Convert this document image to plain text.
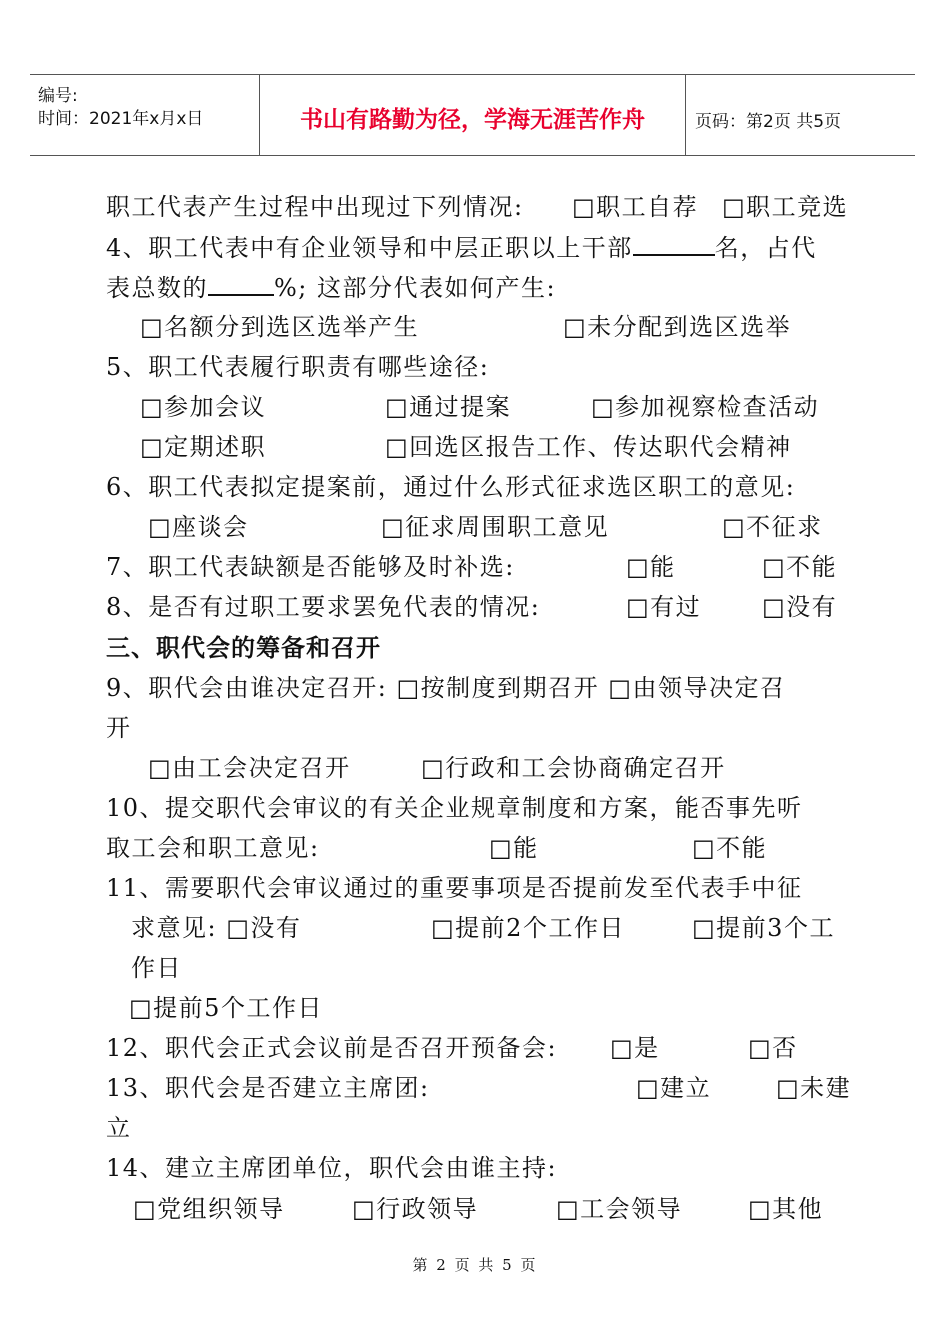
编号:
时间：2021年x月x日	书山有路勤为径，学海无涯苦作舟	页码：第2页 共5页
职工代表产生过程中出现过下列情况: □职工自荐 □职工竞选
4、职工代表中有企业领导和中层正职以上干部	名，占代
表总数的	%; 这部分代表如何产生:
□名额分到选区选举产生	□未分配到选区选举
5、职工代表履行职责有哪些途径:
□参加会议	□通过提案	□参加视察检查活动
□定期述职	□回选区报告工作、传达职代会精神
6、职工代表拟定提案前，通过什么形式征求选区职工的意见:
□座谈会	□征求周围职工意见	□不征求
7、职工代表缺额是否能够及时补选:	□能	□不能
8、是否有过职工要求罢免代表的情况:	□有过	□没有
三、职代会的筹备和召开
9、职代会由谁决定召开: □按制度到期召开 □由领导决定召
开
□由工会决定召开	□行政和工会协商确定召开
10、提交职代会审议的有关企业规章制度和方案，能否事先听
取工会和职工意见:	□能	□不能
11、需要职代会审议通过的重要事项是否提前发至代表手中征
求意见: □没有	□提前2个工作日	□提前3个工
作日
□提前5个工作日
12、职代会正式会议前是否召开预备会: □是	□否
13、职代会是否建立主席团:	□建立	□未建
立
14、建立主席团单位，职代会由谁主持:
□党组织领导	□行政领导	□工会领导	□其他
第 2 页 共 5 页
